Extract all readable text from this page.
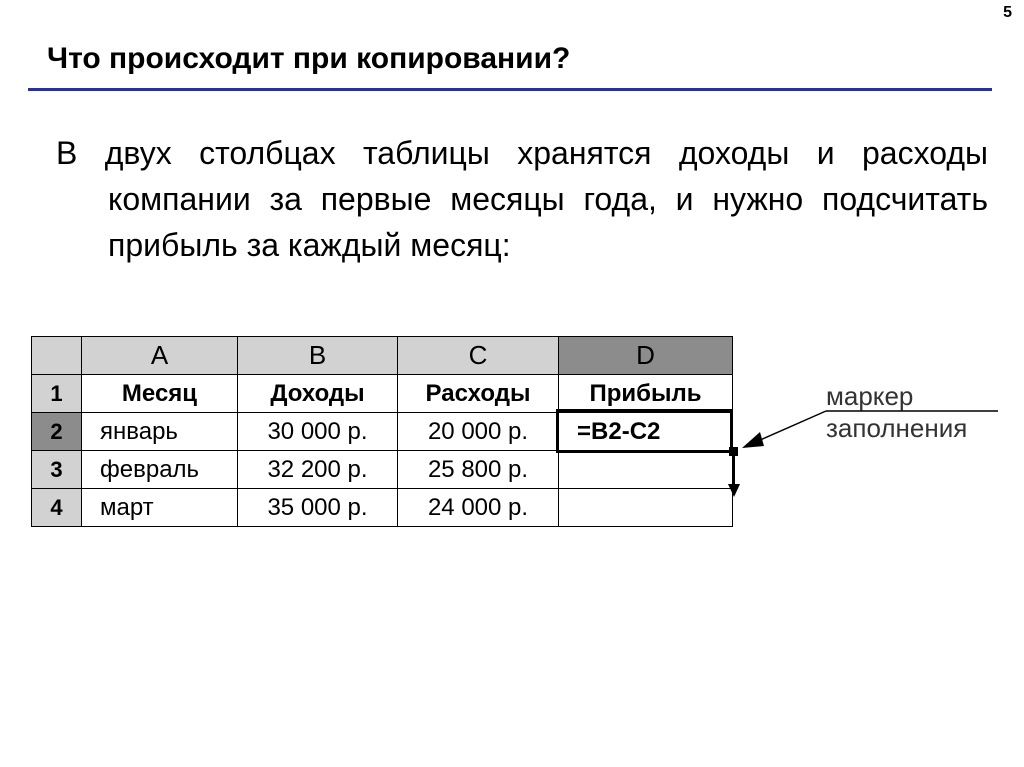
5
Что происходит при копировании?

В двух столбцах таблицы хранятся доходы и расходы компании за первые месяцы года, и нужно подсчитать прибыль за каждый месяц:

	A	B	C	D
1	Месяц	Доходы	Расходы	Прибыль
2	январь	30 000 р.	20 000 р.	=B2-C2
3	февраль	32 200 р.	25 800 р.	
4	март	35 000 р.	24 000 р.	
маркер
заполнения
